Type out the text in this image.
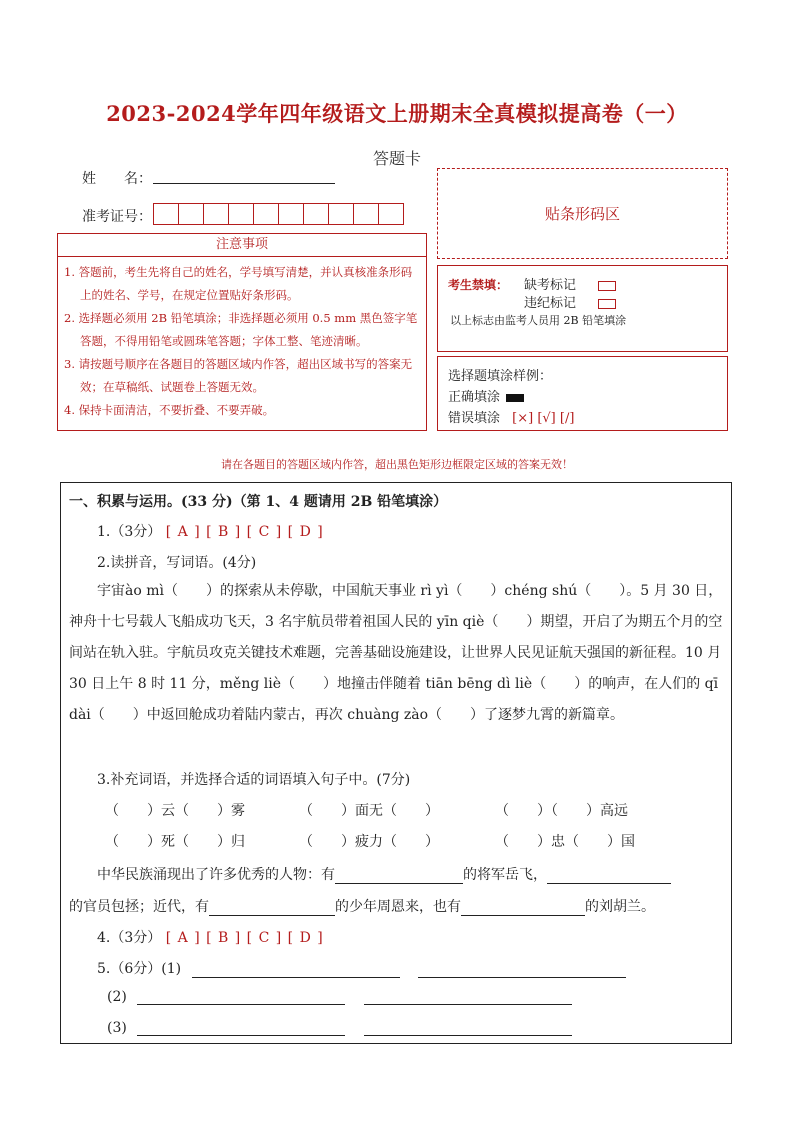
2023-2024学年四年级语文上册期末全真模拟提高卷（一）
答题卡
姓　　名：
准考证号：	贴条形码区
注意事项
1. 答题前，考生先将自己的姓名，学号填写清楚，并认真核准条形码上的姓名、学号，在规定位置贴好条形码。
2. 选择题必须用 2B 铅笔填涂；非选择题必须用 0.5 mm 黑色签字笔答题，不得用铅笔或圆珠笔答题；字体工整、笔迹清晰。
3. 请按题号顺序在各题目的答题区域内作答，超出区域书写的答案无效；在草稿纸、试题卷上答题无效。
4. 保持卡面清洁，不要折叠、不要弄破。
考生禁填： 缺考标记
违纪标记
以上标志由监考人员用 2B 铅笔填涂
选择题填涂样例：
正确填涂
错误填涂 [×] [√] [/]
请在各题目的答题区域内作答，超出黑色矩形边框限定区域的答案无效！
一、积累与运用。(33 分)（第 1、4 题请用 2B 铅笔填涂）
1.（3分） [ A ] [ B ] [ C ] [ D ]
2.读拼音，写词语。(4分)
宇宙ào mì（　　）的探索从未停歇，中国航天事业 rì yì（　　）chéng shú（　　）。5 月 30 日，神舟十七号载人飞船成功飞天，3 名宇航员带着祖国人民的 yīn qiè（　　）期望，开启了为期五个月的空间站在轨入驻。宇航员攻克关键技术难题，完善基础设施建设，让世界人民见证航天强国的新征程。10 月 30 日上午 8 时 11 分，měng liè（　　）地撞击伴随着 tiān bēng dì liè（　　）的响声，在人们的 qī dài（　　）中返回舱成功着陆内蒙古，再次 chuàng zào（　　）了逐梦九霄的新篇章。
3.补充词语，并选择合适的词语填入句子中。(7分)
（　　）云（　　）雾	（　　）面无（　　）	（　　）（　　）高远
（　　）死（　　）归	（　　）疲力（　　）	（　　）忠（　　）国
中华民族涌现出了许多优秀的人物：有	的将军岳飞，
的官员包拯；近代，有	的少年周恩来，也有	的刘胡兰。
4.（3分） [ A ] [ B ] [ C ] [ D ]
5.（6分）(1)
(2)
(3)
